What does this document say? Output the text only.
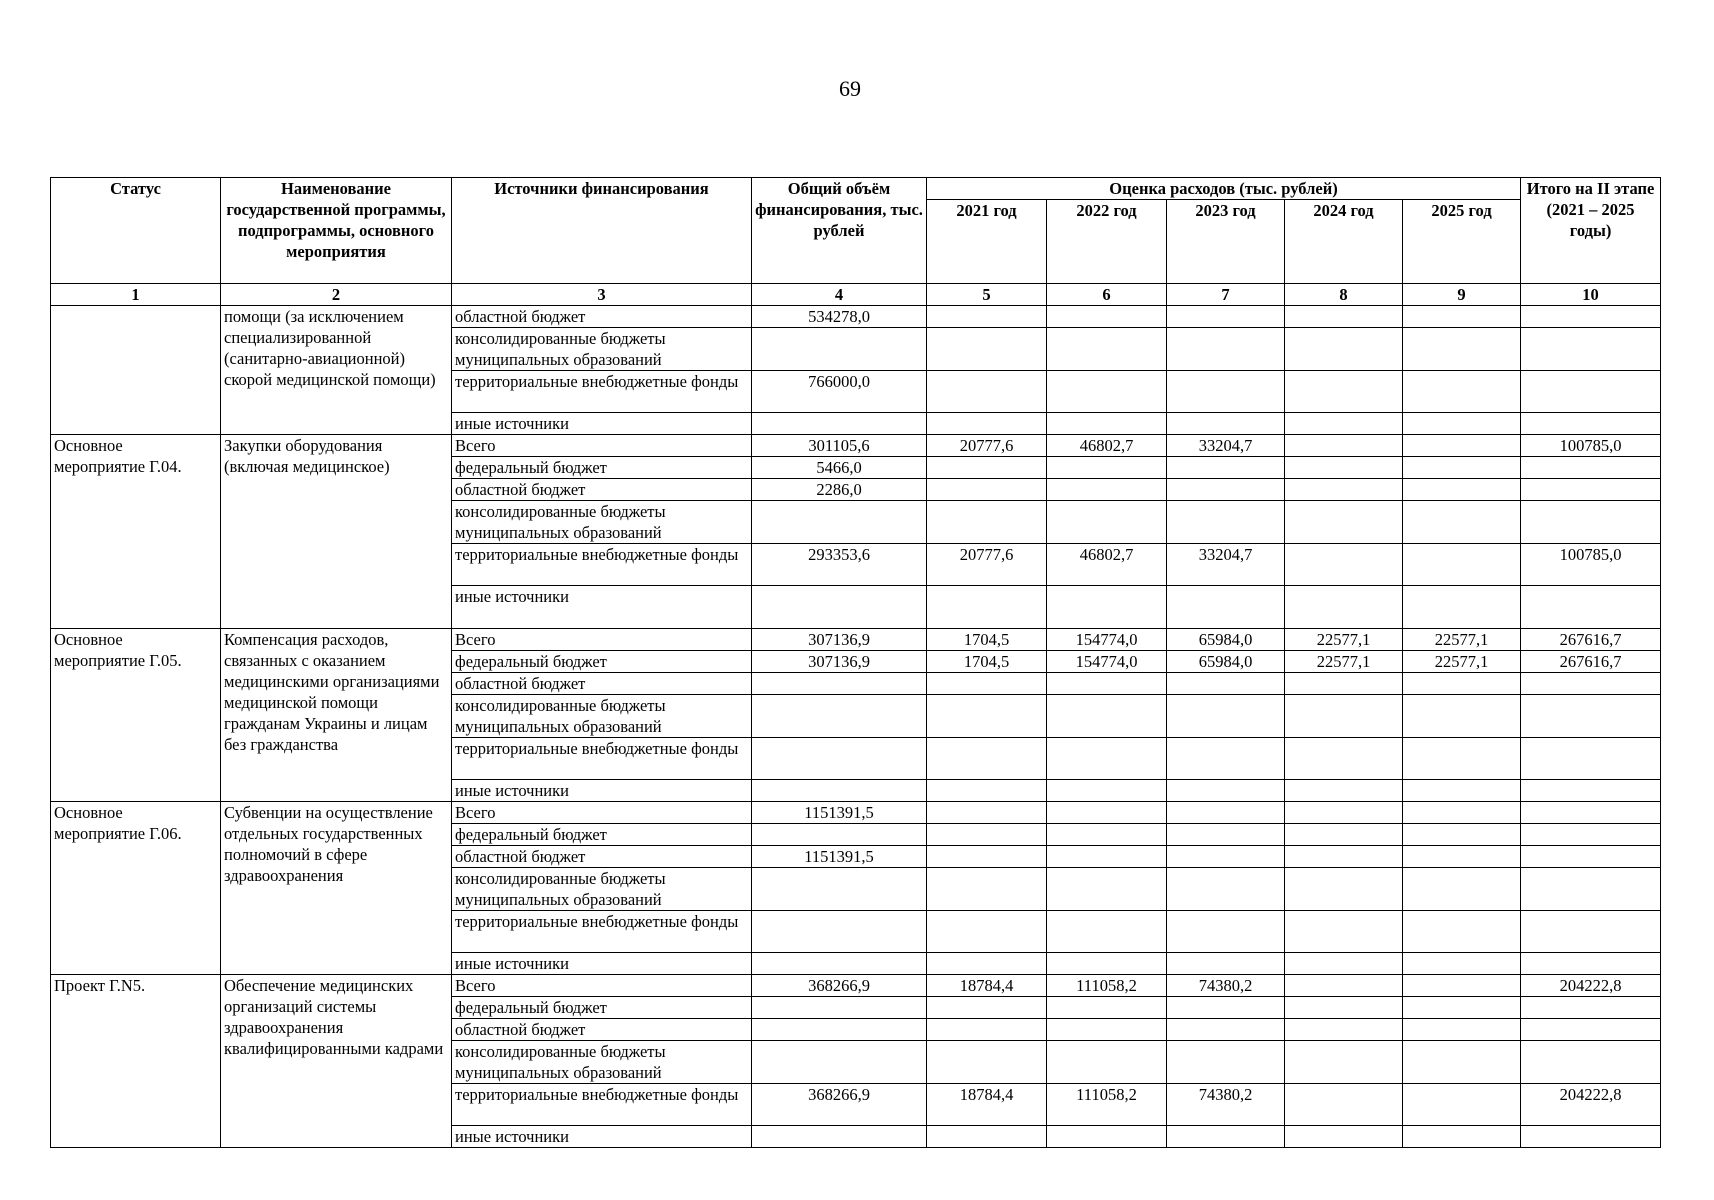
69
Статус	Наименование государственной программы, подпрограммы, основного мероприятия	Источники финансирования	Общий объём финансирования, тыс. рублей	Оценка расходов (тыс. рублей)					Итого на II этапе (2021 – 2025 годы)
				2021 год	2022 год	2023 год	2024 год	2025 год	
1	2	3	4	5	6	7	8	9	10
	помощи (за исключением специализированной (санитарно-авиационной) скорой медицинской помощи)	областной бюджет	534278,0						
		консолидированные бюджеты муниципальных образований							
		территориальные внебюджетные фонды	766000,0						
		иные источники							
Основное мероприятие Г.04.	Закупки оборудования (включая медицинское)	Всего	301105,6	20777,6	46802,7	33204,7			100785,0
		федеральный бюджет	5466,0						
		областной бюджет	2286,0						
		консолидированные бюджеты муниципальных образований							
		территориальные внебюджетные фонды	293353,6	20777,6	46802,7	33204,7			100785,0
		иные источники							
Основное мероприятие Г.05.	Компенсация расходов, связанных с оказанием медицинскими организациями медицинской помощи гражданам Украины и лицам без гражданства	Всего	307136,9	1704,5	154774,0	65984,0	22577,1	22577,1	267616,7
		федеральный бюджет	307136,9	1704,5	154774,0	65984,0	22577,1	22577,1	267616,7
		областной бюджет							
		консолидированные бюджеты муниципальных образований							
		территориальные внебюджетные фонды							
		иные источники							
Основное мероприятие Г.06.	Субвенции на осуществление отдельных государственных полномочий в сфере здравоохранения	Всего	1151391,5						
		федеральный бюджет							
		областной бюджет	1151391,5						
		консолидированные бюджеты муниципальных образований							
		территориальные внебюджетные фонды							
		иные источники							
Проект Г.N5.	Обеспечение медицинских организаций системы здравоохранения квалифицированными кадрами	Всего	368266,9	18784,4	111058,2	74380,2			204222,8
		федеральный бюджет							
		областной бюджет							
		консолидированные бюджеты муниципальных образований							
		территориальные внебюджетные фонды	368266,9	18784,4	111058,2	74380,2			204222,8
		иные источники							
